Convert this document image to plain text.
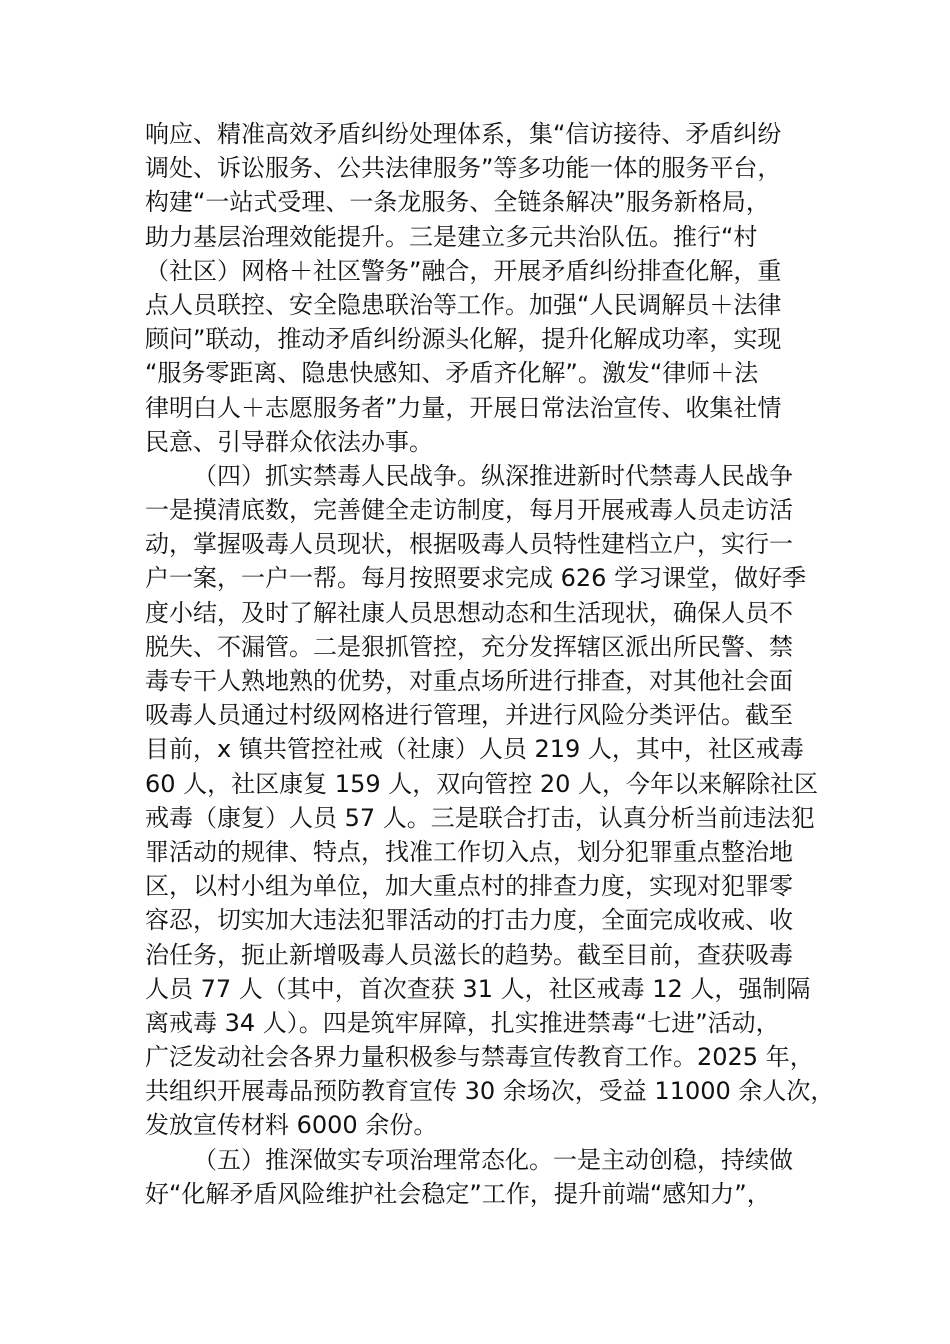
响应、精准高效矛盾纠纷处理体系，集“信访接待、矛盾纠纷
调处、诉讼服务、公共法律服务”等多功能一体的服务平台，
构建“一站式受理、一条龙服务、全链条解决”服务新格局，
助力基层治理效能提升。三是建立多元共治队伍。推行“村
（社区）网格＋社区警务”融合，开展矛盾纠纷排查化解，重
点人员联控、安全隐患联治等工作。加强“人民调解员＋法律
顾问”联动，推动矛盾纠纷源头化解，提升化解成功率，实现
“服务零距离、隐患快感知、矛盾齐化解”。激发“律师＋法
律明白人＋志愿服务者”力量，开展日常法治宣传、收集社情
民意、引导群众依法办事。
（四）抓实禁毒人民战争。纵深推进新时代禁毒人民战争
一是摸清底数，完善健全走访制度，每月开展戒毒人员走访活
动，掌握吸毒人员现状，根据吸毒人员特性建档立户，实行一
户一案，一户一帮。每月按照要求完成 626 学习课堂，做好季
度小结，及时了解社康人员思想动态和生活现状，确保人员不
脱失、不漏管。二是狠抓管控，充分发挥辖区派出所民警、禁
毒专干人熟地熟的优势，对重点场所进行排查，对其他社会面
吸毒人员通过村级网格进行管理，并进行风险分类评估。截至
目前，x 镇共管控社戒（社康）人员 219 人，其中，社区戒毒
60 人，社区康复 159 人，双向管控 20 人，今年以来解除社区
戒毒（康复）人员 57 人。三是联合打击，认真分析当前违法犯
罪活动的规律、特点，找准工作切入点，划分犯罪重点整治地
区，以村小组为单位，加大重点村的排查力度，实现对犯罪零
容忍，切实加大违法犯罪活动的打击力度，全面完成收戒、收
治任务，扼止新增吸毒人员滋长的趋势。截至目前，查获吸毒
人员 77 人（其中，首次查获 31 人，社区戒毒 12 人，强制隔
离戒毒 34 人）。四是筑牢屏障，扎实推进禁毒“七进”活动，
广泛发动社会各界力量积极参与禁毒宣传教育工作。2025 年，
共组织开展毒品预防教育宣传 30 余场次，受益 11000 余人次，
发放宣传材料 6000 余份。
（五）推深做实专项治理常态化。一是主动创稳，持续做
好“化解矛盾风险维护社会稳定”工作，提升前端“感知力”，
